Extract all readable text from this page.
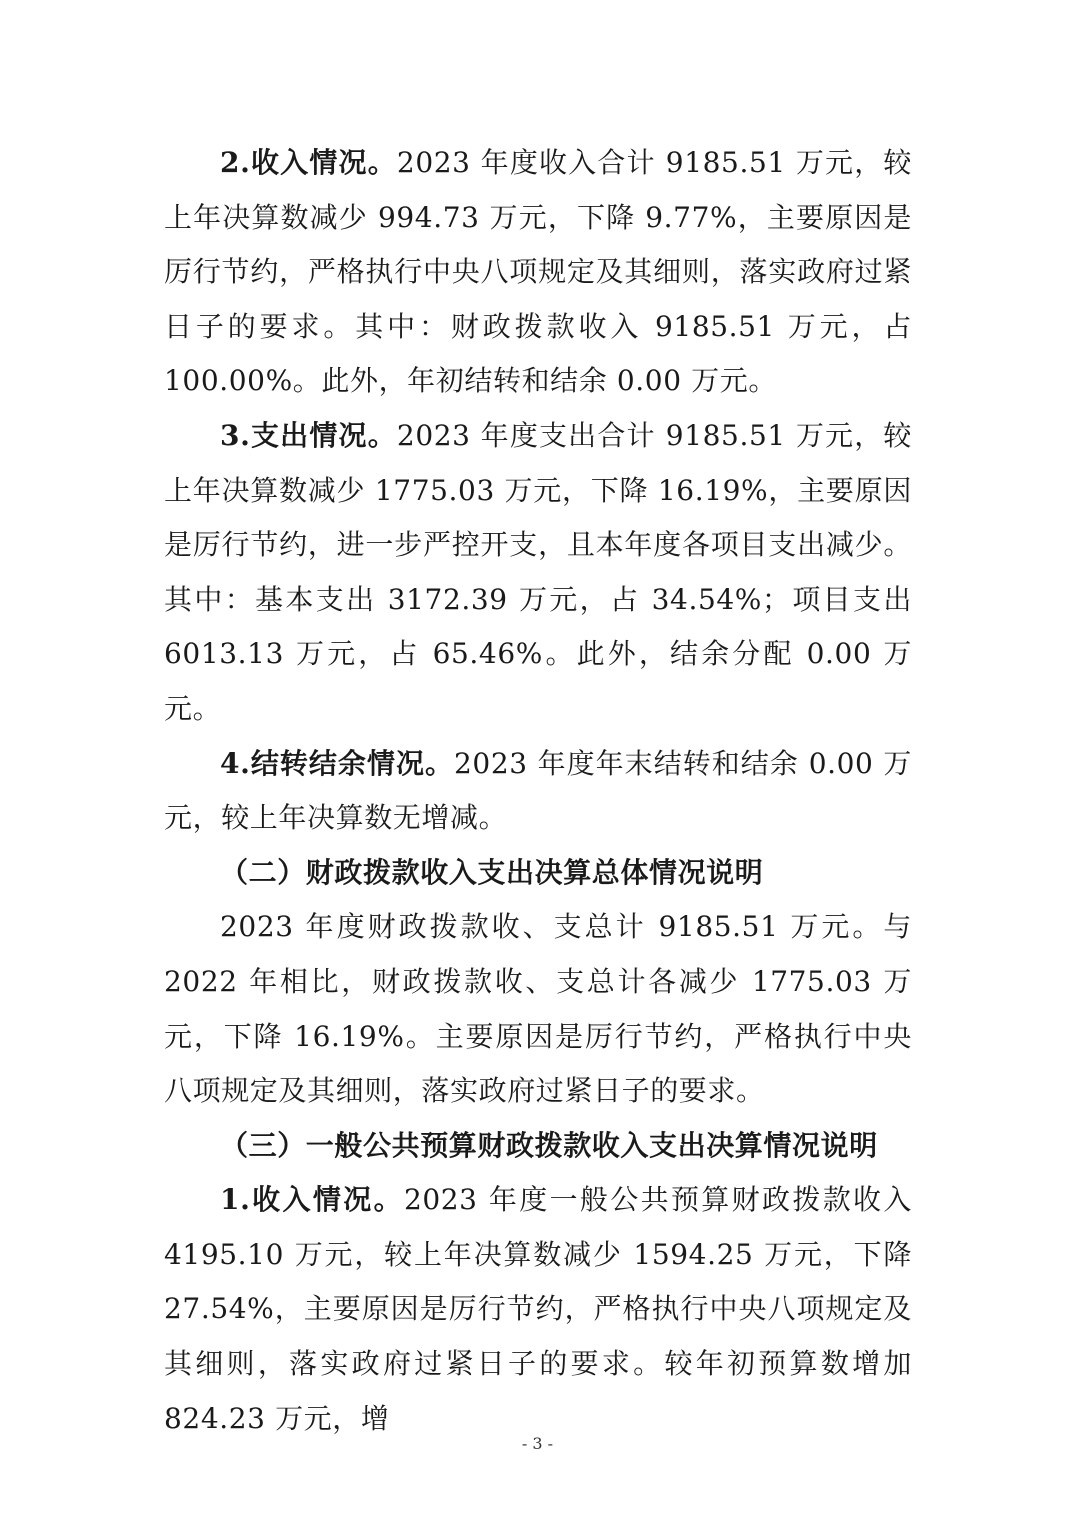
2.收入情况。2023 年度收入合计 9185.51 万元，较上年决算数减少 994.73 万元，下降 9.77%，主要原因是厉行节约，严格执行中央八项规定及其细则，落实政府过紧日子的要求。其中：财政拨款收入 9185.51 万元，占 100.00%。此外，年初结转和结余 0.00 万元。

3.支出情况。2023 年度支出合计 9185.51 万元，较上年决算数减少 1775.03 万元，下降 16.19%，主要原因是厉行节约，进一步严控开支，且本年度各项目支出减少。其中：基本支出 3172.39 万元，占 34.54%；项目支出 6013.13 万元，占 65.46%。此外，结余分配 0.00 万元。

4.结转结余情况。2023 年度年末结转和结余 0.00 万元，较上年决算数无增减。

（二）财政拨款收入支出决算总体情况说明

2023 年度财政拨款收、支总计 9185.51 万元。与 2022 年相比，财政拨款收、支总计各减少 1775.03 万元，下降 16.19%。主要原因是厉行节约，严格执行中央八项规定及其细则，落实政府过紧日子的要求。

（三）一般公共预算财政拨款收入支出决算情况说明

1.收入情况。2023 年度一般公共预算财政拨款收入 4195.10 万元，较上年决算数减少 1594.25 万元，下降 27.54%，主要原因是厉行节约，严格执行中央八项规定及其细则，落实政府过紧日子的要求。较年初预算数增加 824.23 万元，增

- 3 -
